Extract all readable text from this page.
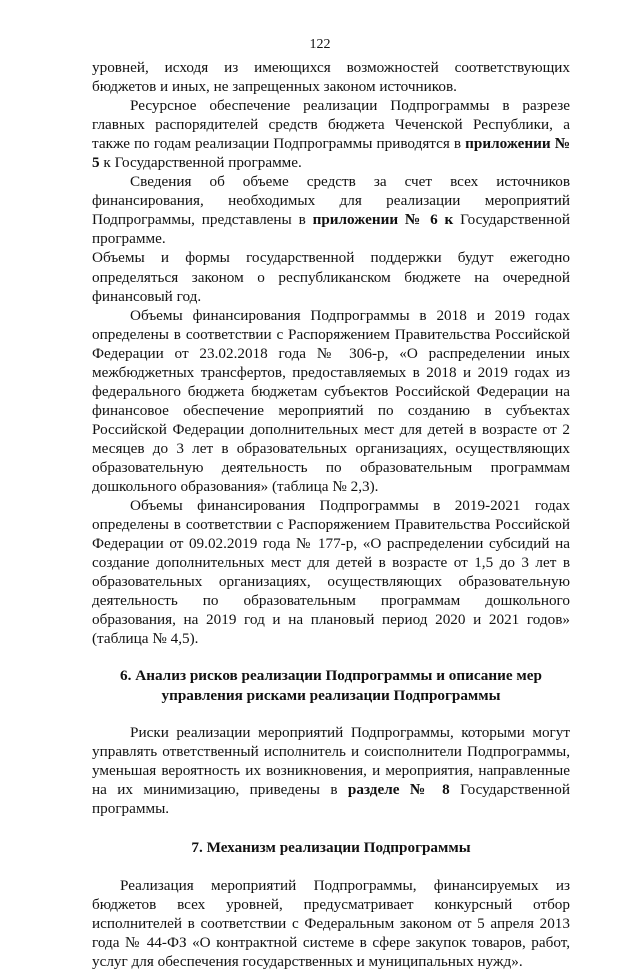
122

уровней, исходя из имеющихся возможностей соответствующих бюджетов и иных, не запрещенных законом источников.

Ресурсное обеспечение реализации Подпрограммы в разрезе главных распорядителей средств бюджета Чеченской Республики, а также по годам реализации Подпрограммы приводятся в приложении № 5 к Государственной программе.

Сведения об объеме средств за счет всех источников финансирования, необходимых для реализации мероприятий Подпрограммы, представлены в приложении № 6 к Государственной программе.

Объемы и формы государственной поддержки будут ежегодно определяться законом о республиканском бюджете на очередной финансовый год.

Объемы финансирования Подпрограммы в 2018 и 2019 годах определены в соответствии с Распоряжением Правительства Российской Федерации от 23.02.2018 года № 306-р, «О распределении иных межбюджетных трансфертов, предоставляемых в 2018 и 2019 годах из федерального бюджета бюджетам субъектов Российской Федерации на финансовое обеспечение мероприятий по созданию в субъектах Российской Федерации дополнительных мест для детей в возрасте от 2 месяцев до 3 лет в образовательных организациях, осуществляющих образовательную деятельность по образовательным программам дошкольного образования» (таблица № 2,3).

Объемы финансирования Подпрограммы в 2019-2021 годах определены в соответствии с Распоряжением Правительства Российской Федерации от 09.02.2019 года № 177-р, «О распределении субсидий на создание дополнительных мест для детей в возрасте от 1,5 до 3 лет в образовательных организациях, осуществляющих образовательную деятельность по образовательным программам дошкольного образования, на 2019 год и на плановый период 2020 и 2021 годов» (таблица № 4,5).

6. Анализ рисков реализации Подпрограммы и описание мер

управления рисками реализации Подпрограммы

Риски реализации мероприятий Подпрограммы, которыми могут управлять ответственный исполнитель и соисполнители Подпрограммы, уменьшая вероятность их возникновения, и мероприятия, направленные на их минимизацию, приведены в разделе № 8 Государственной программы.

7. Механизм реализации Подпрограммы

Реализация мероприятий Подпрограммы, финансируемых из бюджетов всех уровней, предусматривает конкурсный отбор исполнителей в соответствии с Федеральным законом от 5 апреля 2013 года № 44-ФЗ «О контрактной системе в сфере закупок товаров, работ, услуг для обеспечения государственных и муниципальных нужд».
